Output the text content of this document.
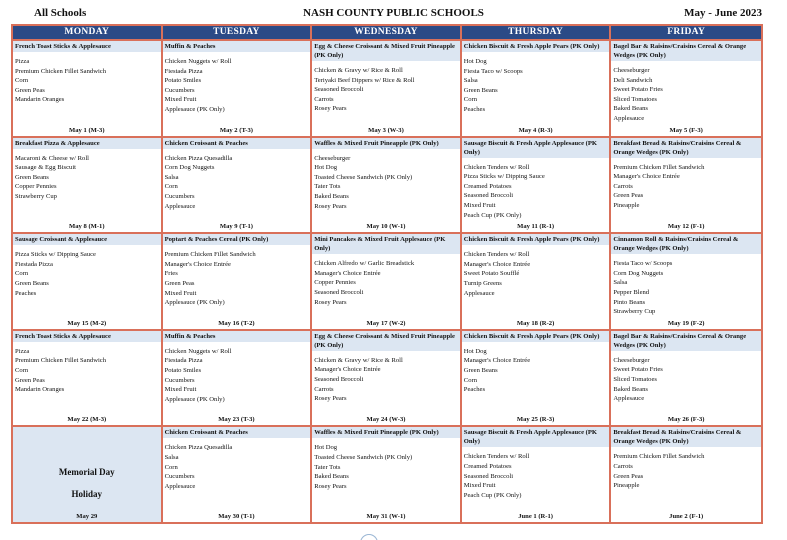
All Schools	NASH COUNTY PUBLIC SCHOOLS	May - June 2023
MONDAY	TUESDAY	WEDNESDAY	THURSDAY	FRIDAY
French Toast Sticks & Applesauce
Pizza
Premium Chicken Fillet Sandwich
Corn
Green Peas
Mandarin Oranges
May 1 (M-3)
Muffin & Peaches
Chicken Nuggets w/ Roll
Fiestada Pizza
Potato Smiles
Cucumbers
Mixed Fruit
Applesauce (PK Only)
May 2 (T-3)
Egg & Cheese Croissant & Mixed Fruit Pineapple (PK Only)
Chicken & Gravy w/ Rice & Roll
Teriyaki Beef Dippers w/ Rice & Roll
Seasoned Broccoli
Carrots
Rosey Pears
May 3 (W-3)
Chicken Biscuit & Fresh Apple Pears (PK Only)
Hot Dog
Fiesta Taco w/ Scoops
Salsa
Green Beans
Corn
Peaches
May 4 (R-3)
Bagel Bar & Raisins/Craisins Cereal & Orange Wedges (PK Only)
Cheeseburger
Deli Sandwich
Sweet Potato Fries
Sliced Tomatoes
Baked Beans
Applesauce
May 5 (F-3)
Breakfast Pizza & Applesauce
Macaroni & Cheese w/ Roll
Sausage & Egg Biscuit
Green Beans
Copper Pennies
Strawberry Cup
May 8 (M-1)
Chicken Croissant & Peaches
Chicken Pizza Quesadilla
Corn Dog Nuggets
Salsa
Corn
Cucumbers
Applesauce
May 9 (T-1)
Waffles & Mixed Fruit Pineapple (PK Only)
Cheeseburger
Hot Dog
Toasted Cheese Sandwich (PK Only)
Tater Tots
Baked Beans
Rosey Pears
May 10 (W-1)
Sausage Biscuit & Fresh Apple Applesauce (PK Only)
Chicken Tenders w/ Roll
Pizza Sticks w/ Dipping Sauce
Creamed Potatoes
Seasoned Broccoli
Mixed Fruit
Peach Cup (PK Only)
May 11 (R-1)
Breakfast Bread & Raisins/Craisins Cereal & Orange Wedges (PK Only)
Premium Chicken Fillet Sandwich
Manager's Choice Entrée
Carrots
Green Peas
Pineapple
May 12 (F-1)
Sausage Croissant & Applesauce
Pizza Sticks w/ Dipping Sauce
Fiestada Pizza
Corn
Green Beans
Peaches
May 15 (M-2)
Poptart & Peaches Cereal (PK Only)
Premium Chicken Fillet Sandwich
Manager's Choice Entrée
Fries
Green Peas
Mixed Fruit
Applesauce (PK Only)
May 16 (T-2)
Mini Pancakes & Mixed Fruit Applesauce (PK Only)
Chicken Alfredo w/ Garlic Breadstick
Manager's Choice Entrée
Copper Pennies
Seasoned Broccoli
Rosey Pears
May 17 (W-2)
Chicken Biscuit & Fresh Apple Pears (PK Only)
Chicken Tenders w/ Roll
Manager's Choice Entrée
Sweet Potato Soufflé
Turnip Greens
Applesauce
May 18 (R-2)
Cinnamon Roll & Raisins/Craisins Cereal & Orange Wedges (PK Only)
Fiesta Taco w/ Scoops
Corn Dog Nuggets
Salsa
Pepper Blend
Pinto Beans
Strawberry Cup
May 19 (F-2)
French Toast Sticks & Applesauce
Pizza
Premium Chicken Fillet Sandwich
Corn
Green Peas
Mandarin Oranges
May 22 (M-3)
Muffin & Peaches
Chicken Nuggets w/ Roll
Fiestada Pizza
Potato Smiles
Cucumbers
Mixed Fruit
Applesauce (PK Only)
May 23 (T-3)
Egg & Cheese Croissant & Mixed Fruit Pineapple (PK Only)
Chicken & Gravy w/ Rice & Roll
Manager's Choice Entrée
Seasoned Broccoli
Carrots
Rosey Pears
May 24 (W-3)
Chicken Biscuit & Fresh Apple Pears (PK Only)
Hot Dog
Manager's Choice Entrée
Green Beans
Corn
Peaches
May 25 (R-3)
Bagel Bar & Raisins/Craisins Cereal & Orange Wedges (PK Only)
Cheeseburger
Sweet Potato Fries
Sliced Tomatoes
Baked Beans
Applesauce
May 26 (F-3)
Memorial Day
Holiday
May 29
Chicken Croissant & Peaches
Chicken Pizza Quesadilla
Salsa
Corn
Cucumbers
Applesauce
May 30 (T-1)
Waffles & Mixed Fruit Pineapple (PK Only)
Hot Dog
Toasted Cheese Sandwich (PK Only)
Tater Tots
Baked Beans
Rosey Pears
May 31 (W-1)
Sausage Biscuit & Fresh Apple Applesauce (PK Only)
Chicken Tenders w/ Roll
Creamed Potatoes
Seasoned Broccoli
Mixed Fruit
Peach Cup (PK Only)
June 1 (R-1)
Breakfast Bread & Raisins/Craisins Cereal & Orange Wedges (PK Only)
Premium Chicken Fillet Sandwich
Carrots
Green Peas
Pineapple
June 2 (F-1)
